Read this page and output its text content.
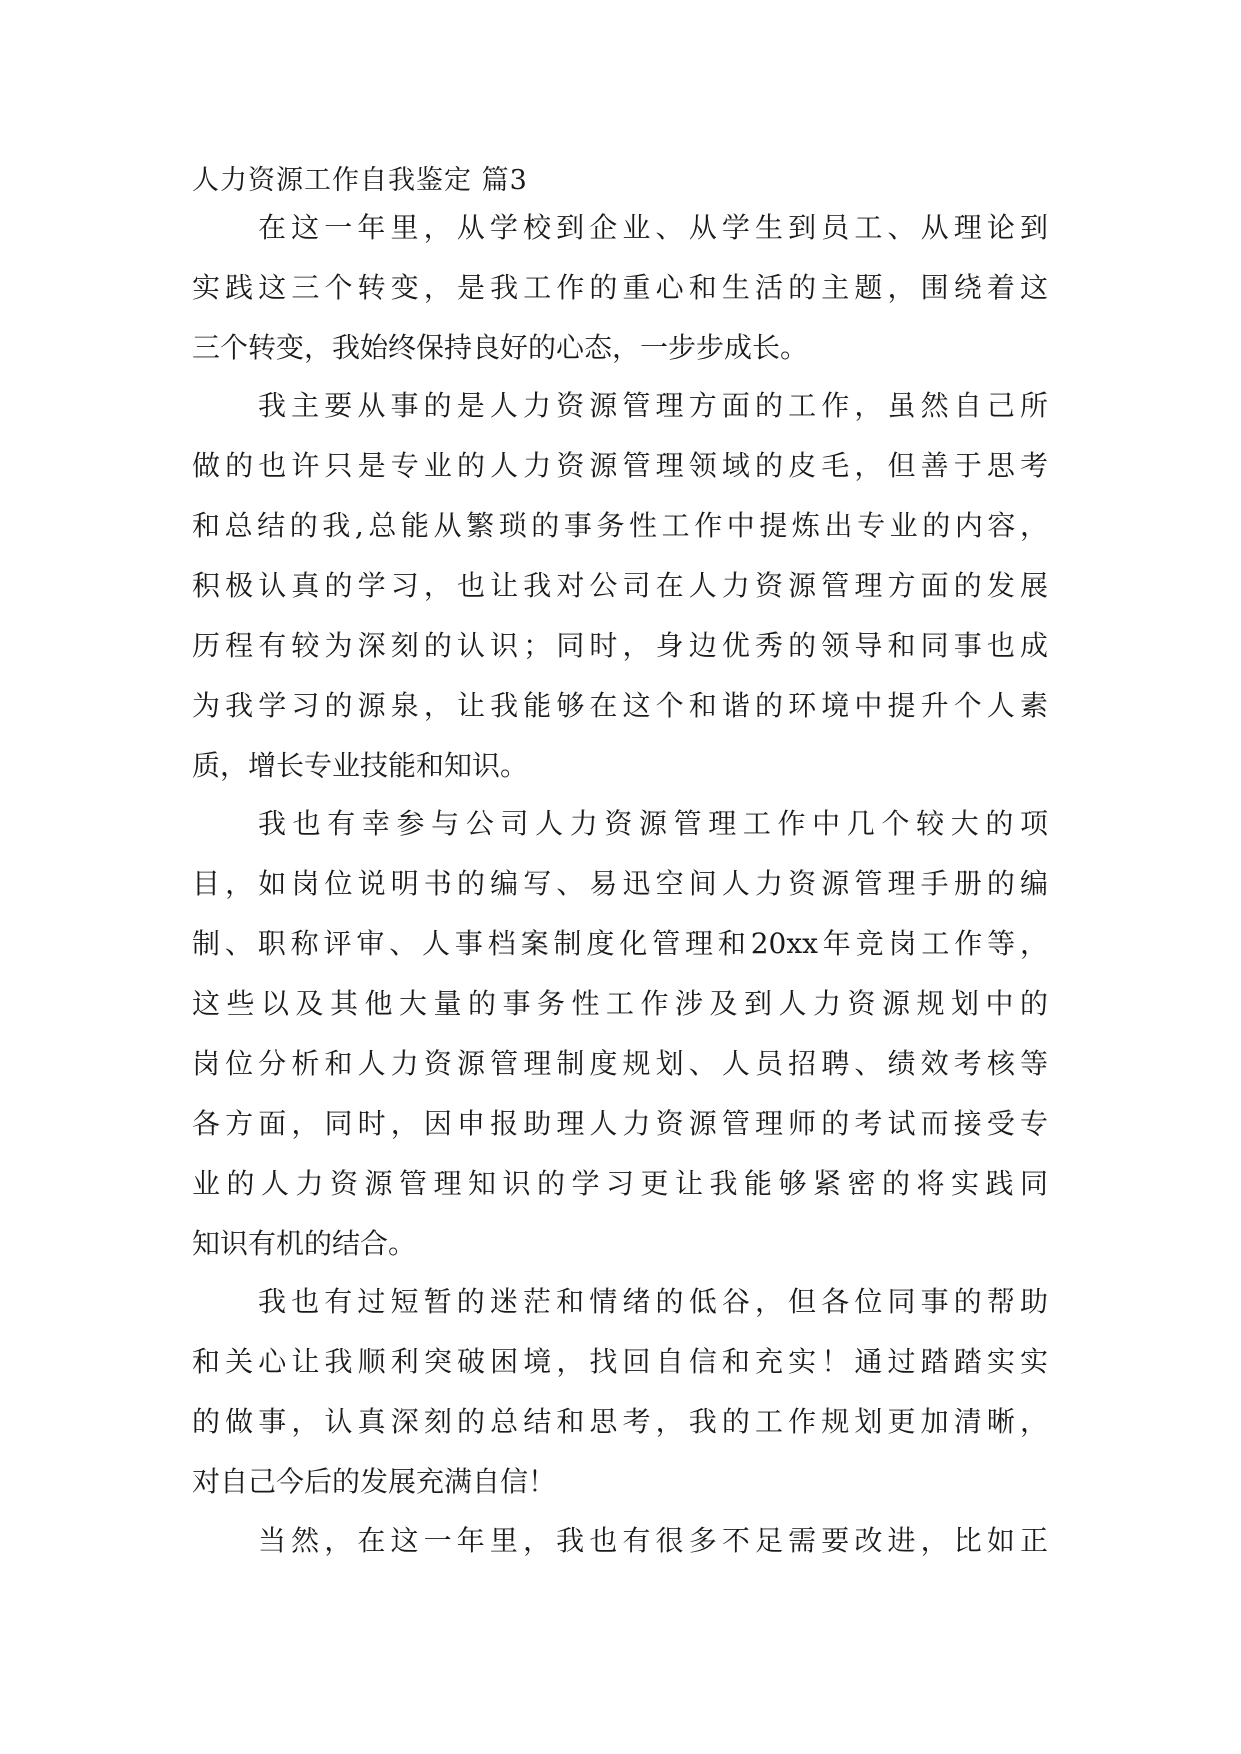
人力资源工作自我鉴定 篇3
在这一年里，从学校到企业、从学生到员工、从理论到
实践这三个转变，是我工作的重心和生活的主题，围绕着这
三个转变，我始终保持良好的心态，一步步成长。
我主要从事的是人力资源管理方面的工作，虽然自己所
做的也许只是专业的人力资源管理领域的皮毛，但善于思考
和总结的我,总能从繁琐的事务性工作中提炼出专业的内容，
积极认真的学习，也让我对公司在人力资源管理方面的发展
历程有较为深刻的认识；同时，身边优秀的领导和同事也成
为我学习的源泉，让我能够在这个和谐的环境中提升个人素
质，增长专业技能和知识。
我也有幸参与公司人力资源管理工作中几个较大的项
目，如岗位说明书的编写、易迅空间人力资源管理手册的编
制、职称评审、人事档案制度化管理和20xx年竞岗工作等，
这些以及其他大量的事务性工作涉及到人力资源规划中的
岗位分析和人力资源管理制度规划、人员招聘、绩效考核等
各方面，同时，因申报助理人力资源管理师的考试而接受专
业的人力资源管理知识的学习更让我能够紧密的将实践同
知识有机的结合。
我也有过短暂的迷茫和情绪的低谷，但各位同事的帮助
和关心让我顺利突破困境，找回自信和充实！通过踏踏实实
的做事，认真深刻的总结和思考，我的工作规划更加清晰，
对自己今后的发展充满自信！
当然，在这一年里，我也有很多不足需要改进，比如正
